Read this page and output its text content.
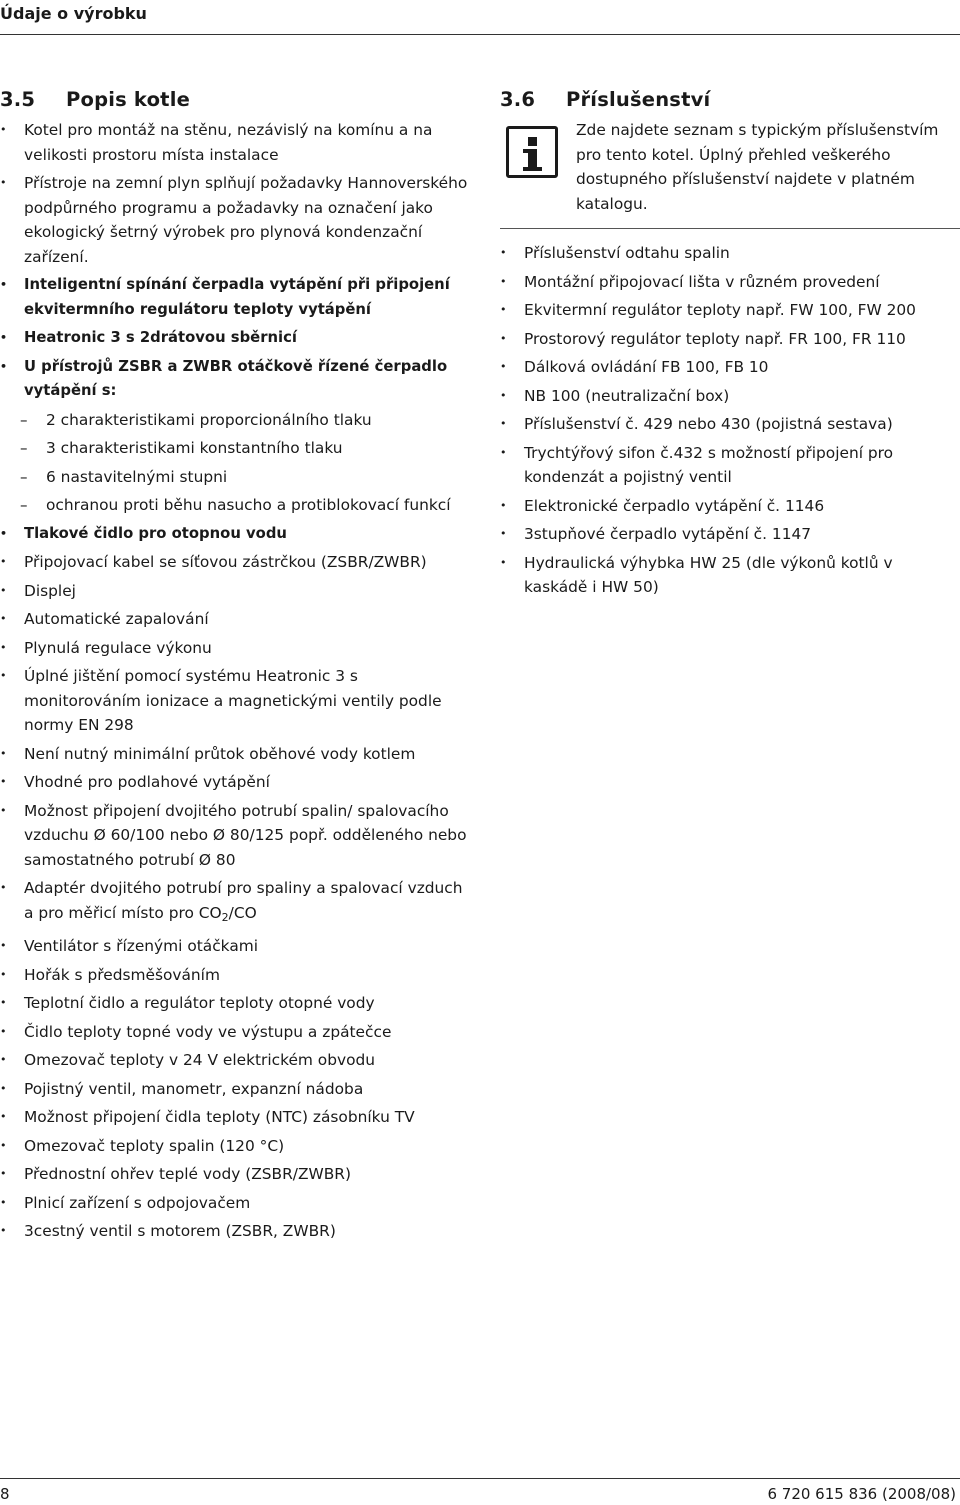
Údaje o výrobku
3.5 Popis kotle
• Kotel pro montáž na stěnu, nezávislý na komínu a na velikosti prostoru místa instalace
• Přístroje na zemní plyn splňují požadavky Hannoverského podpůrného programu a požadavky na označení jako ekologický šetrný výrobek pro plynová kondenzační zařízení.
• Inteligentní spínání čerpadla vytápění při připojení ekvitermního regulátoru teploty vytápění
• Heatronic 3 s 2drátovou sběrnicí
• U přístrojů ZSBR a ZWBR otáčkově řízené čerpadlo vytápění s:
– 2 charakteristikami proporcionálního tlaku
– 3 charakteristikami konstantního tlaku
– 6 nastavitelnými stupni
– ochranou proti běhu nasucho a protiblokovací funkcí
• Tlakové čidlo pro otopnou vodu
• Připojovací kabel se síťovou zástrčkou (ZSBR/ZWBR)
• Displej
• Automatické zapalování
• Plynulá regulace výkonu
• Úplné jištění pomocí systému Heatronic 3 s monitorováním ionizace a magnetickými ventily podle normy EN 298
• Není nutný minimální průtok oběhové vody kotlem
• Vhodné pro podlahové vytápění
• Možnost připojení dvojitého potrubí spalin/ spalovacího vzduchu Ø 60/100 nebo Ø 80/125 popř. odděleného nebo samostatného potrubí Ø 80
• Adaptér dvojitého potrubí pro spaliny a spalovací vzduch a pro měřicí místo pro $CO_2/CO$
• Ventilátor s řízenými otáčkami
• Hořák s předsměšováním
• Teplotní čidlo a regulátor teploty otopné vody
• Čidlo teploty topné vody ve výstupu a zpátečce
• Omezovač teploty v 24 V elektrickém obvodu
• Pojistný ventil, manometr, expanzní nádoba
• Možnost připojení čidla teploty (NTC) zásobníku TV
• Omezovač teploty spalin (120 °C)
• Přednostní ohřev teplé vody (ZSBR/ZWBR)
• Plnicí zařízení s odpojovačem
• 3cestný ventil s motorem (ZSBR, ZWBR)
3.6 Příslušenství
Zde najdete seznam s typickým příslušenstvím pro tento kotel. Úplný přehled veškerého dostupného příslušenství najdete v platném katalogu.
• Příslušenství odtahu spalin
• Montážní připojovací lišta v různém provedení
• Ekvitermní regulátor teploty např. FW 100, FW 200
• Prostorový regulátor teploty např. FR 100, FR 110
• Dálková ovládání FB 100, FB 10
• NB 100 (neutralizační box)
• Příslušenství č. 429 nebo 430 (pojistná sestava)
• Trychtýřový sifon č.432 s možností připojení pro kondenzát a pojistný ventil
• Elektronické čerpadlo vytápění č. 1146
• 3stupňové čerpadlo vytápění č. 1147
• Hydraulická výhybka HW 25 (dle výkonů kotlů v kaskádě i HW 50)
8	6 720 615 836 (2008/08)
